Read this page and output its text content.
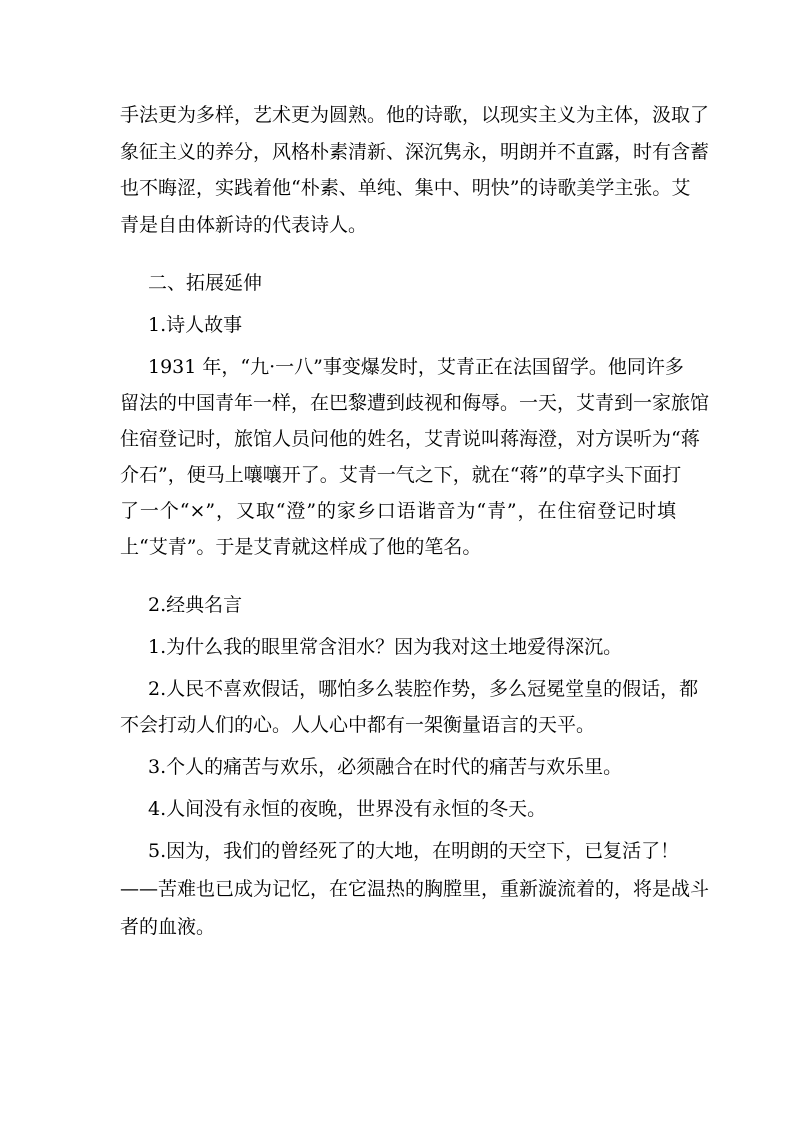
手法更为多样，艺术更为圆熟。他的诗歌，以现实主义为主体，汲取了
象征主义的养分，风格朴素清新、深沉隽永，明朗并不直露，时有含蓄
也不晦涩，实践着他“朴素、单纯、集中、明快”的诗歌美学主张。艾
青是自由体新诗的代表诗人。
二、拓展延伸
1.诗人故事
1931 年，“九·一八”事变爆发时，艾青正在法国留学。他同许多
留法的中国青年一样，在巴黎遭到歧视和侮辱。一天，艾青到一家旅馆
住宿登记时，旅馆人员问他的姓名，艾青说叫蒋海澄，对方误听为“蒋
介石”，便马上嚷嚷开了。艾青一气之下，就在“蒋”的草字头下面打
了一个“×”，又取“澄”的家乡口语谐音为“青”，在住宿登记时填
上“艾青”。于是艾青就这样成了他的笔名。
2.经典名言
1.为什么我的眼里常含泪水？因为我对这土地爱得深沉。
2.人民不喜欢假话，哪怕多么装腔作势，多么冠冕堂皇的假话，都
不会打动人们的心。人人心中都有一架衡量语言的天平。
3.个人的痛苦与欢乐，必须融合在时代的痛苦与欢乐里。
4.人间没有永恒的夜晚，世界没有永恒的冬天。
5.因为，我们的曾经死了的大地，在明朗的天空下，已复活了！
——苦难也已成为记忆，在它温热的胸膛里，重新漩流着的，将是战斗
者的血液。
